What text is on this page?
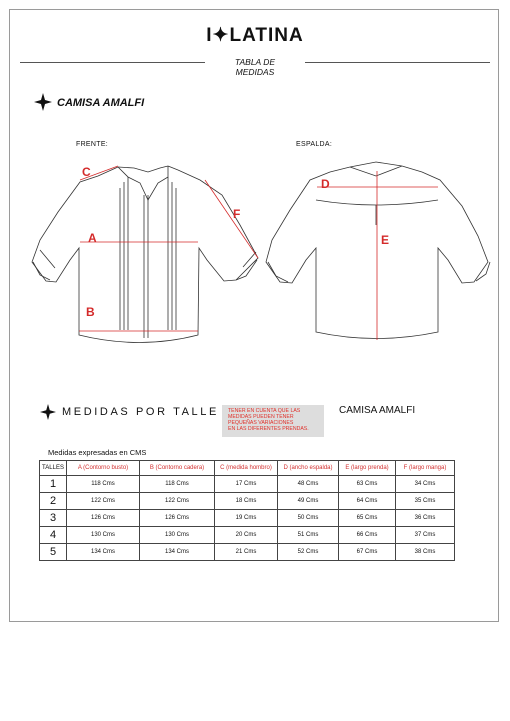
I✦LATINA
TABLA DE
MEDIDAS
CAMISA AMALFI
FRENTE:	ESPALDA:
C
A
B
F
D
E
MEDIDAS POR TALLE TENER EN CUENTA QUE LAS
MEDIDAS PUEDEN TENER
PEQUEÑAS VARIACIONES
EN LAS DIFERENTES PRENDAS.
CAMISA AMALFI
Medidas expresadas en CMS
TALLES	A (Contorno busto)	B (Contorno cadera)	C (medida hombro)	D (ancho espalda)	E (largo prenda)	F (largo manga)
1	118 Cms	118 Cms	17 Cms	48 Cms	63 Cms	34 Cms
2	122 Cms	122 Cms	18 Cms	49 Cms	64 Cms	35 Cms
3	126 Cms	126 Cms	19 Cms	50 Cms	65 Cms	36 Cms
4	130 Cms	130 Cms	20 Cms	51 Cms	66 Cms	37 Cms
5	134 Cms	134 Cms	21 Cms	52 Cms	67 Cms	38 Cms
